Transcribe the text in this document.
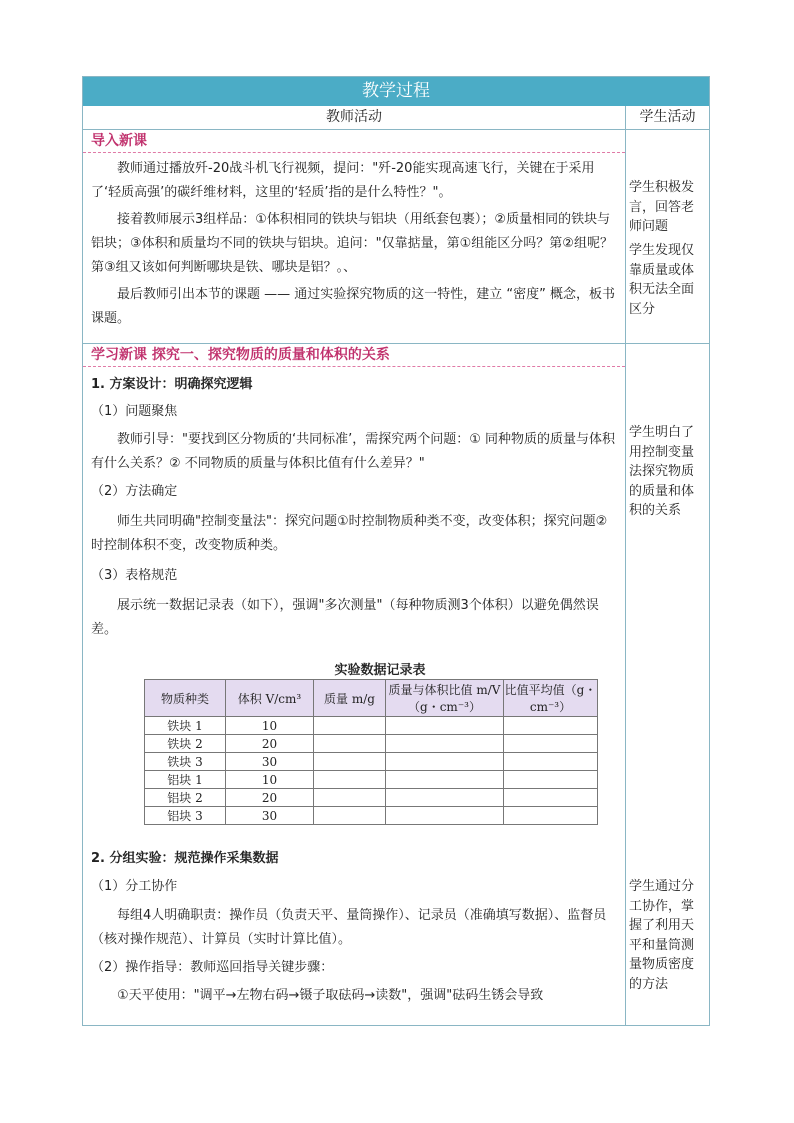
教学过程
教师活动	学生活动
导入新课

教师通过播放歼-20战斗机飞行视频，提问："歼-20能实现高速飞行，关键在于采用了‘轻质高强’的碳纤维材料，这里的‘轻质’指的是什么特性？"。

接着教师展示3组样品：①体积相同的铁块与铝块（用纸套包裹）；②质量相同的铁块与铝块；③体积和质量均不同的铁块与铝块。追问："仅靠掂量，第①组能区分吗？第②组呢？第③组又该如何判断哪块是铁、哪块是铝？。、

最后教师引出本节的课题 —— 通过实验探究物质的这一特性，建立 “密度” 概念，板书课题。

学生积极发言，回答老师问题
学生发现仅靠质量或体积无法全面区分
学习新课 探究一、探究物质的质量和体积的关系
1. 方案设计：明确探究逻辑
（1）问题聚焦

教师引导："要找到区分物质的‘共同标准’，需探究两个问题：① 同种物质的质量与体积有什么关系？② 不同物质的质量与体积比值有什么差异？"

（2）方法确定

师生共同明确"控制变量法"：探究问题①时控制物质种类不变，改变体积；探究问题②时控制体积不变，改变物质种类。

（3）表格规范

展示统一数据记录表（如下），强调"多次测量"（每种物质测3个体积）以避免偶然误差。

实验数据记录表
物质种类	体积 V/cm³	质量 m/g	质量与体积比值 m/V（g・cm⁻³）	比值平均值（g・cm⁻³）
铁块 1	10			
铁块 2	20			
铁块 3	30			
铝块 1	10			
铝块 2	20			
铝块 3	30			
2. 分组实验：规范操作采集数据
（1）分工协作

每组4人明确职责：操作员（负责天平、量筒操作）、记录员（准确填写数据）、监督员（核对操作规范）、计算员（实时计算比值）。

（2）操作指导：教师巡回指导关键步骤：

①天平使用："调平→左物右码→镊子取砝码→读数"，强调"砝码生锈会导致

学生明白了用控制变量法探究物质的质量和体积的关系
学生通过分工协作，掌握了利用天平和量筒测量物质密度的方法
